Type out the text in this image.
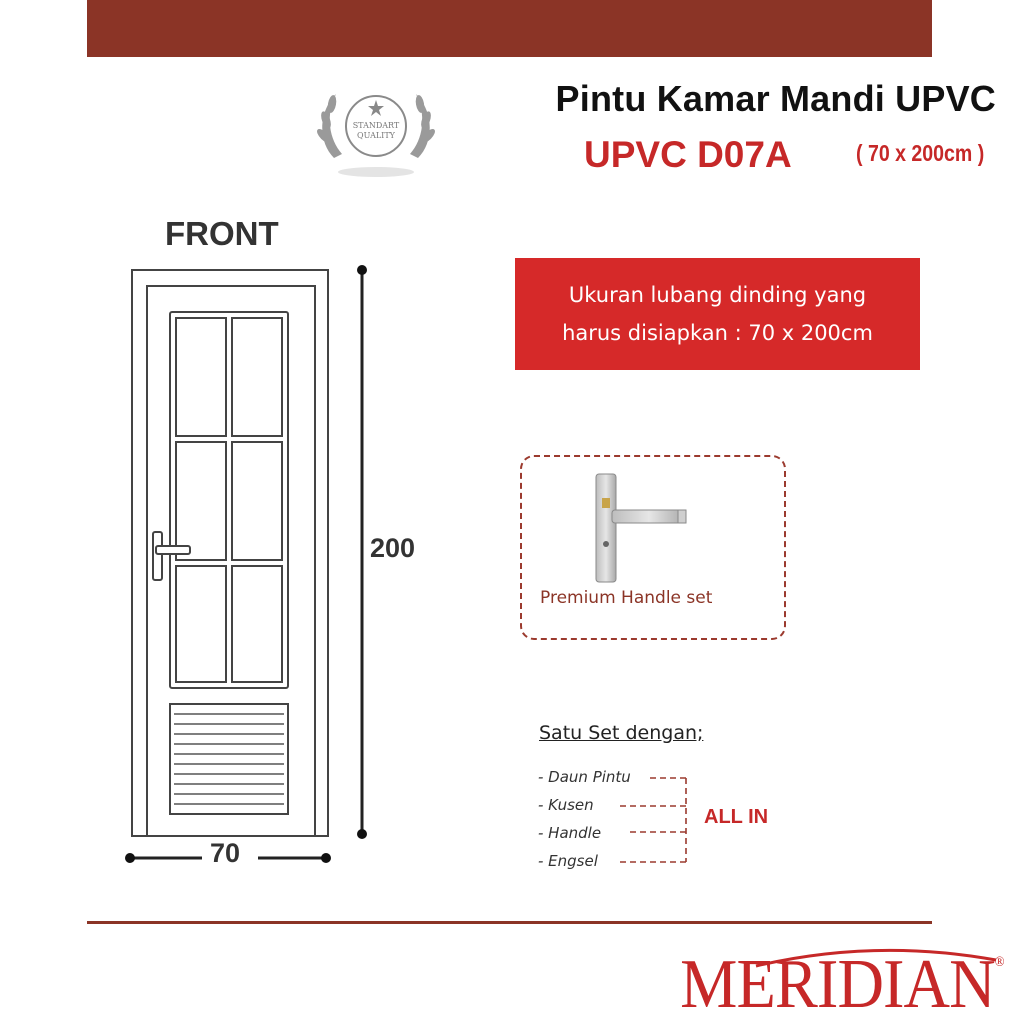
STANDART
QUALITY
Pintu Kamar Mandi UPVC
UPVC D07A	( 70 x 200cm )
FRONT
200
70
Ukuran lubang dinding yang
harus disiapkan : 70 x 200cm
Premium Handle set
Satu Set dengan;
- Daun Pintu
- Kusen
- Handle
- Engsel
ALL IN
MERIDIAN®
